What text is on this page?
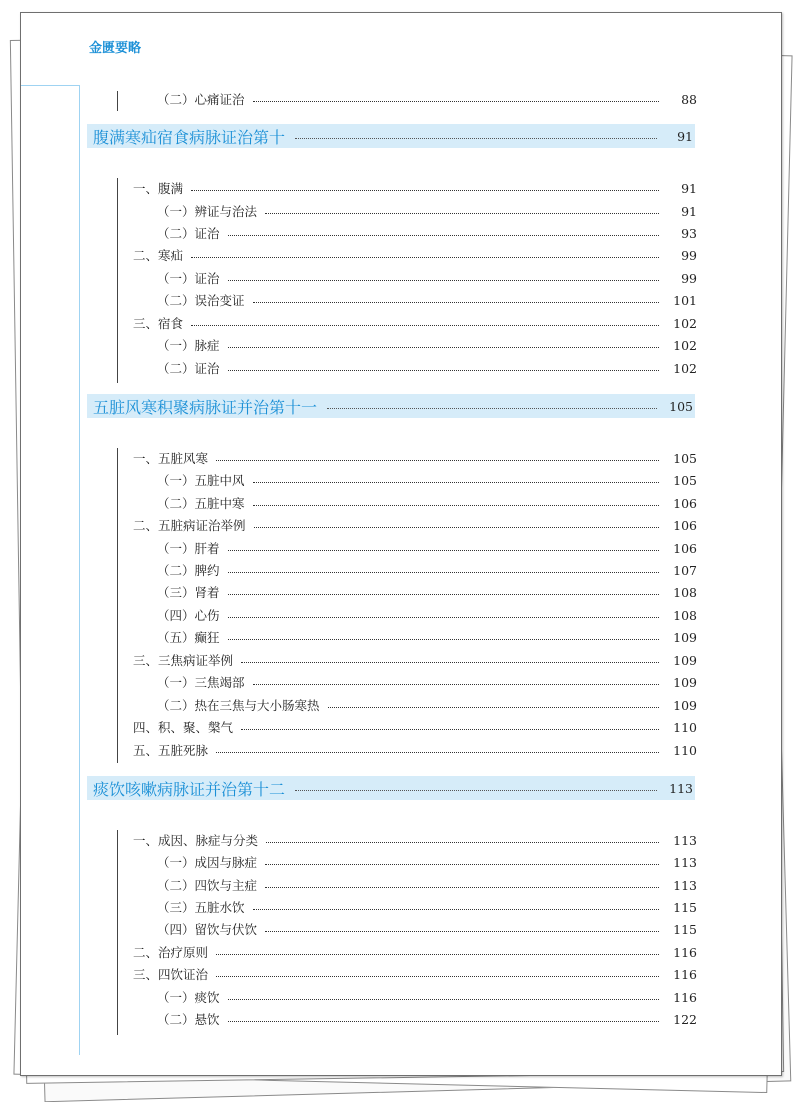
金匮要略
（二）心痛证治	88
腹满寒疝宿食病脉证治第十	91
一、腹满	91
（一）辨证与治法	91
（二）证治	93
二、寒疝	99
（一）证治	99
（二）误治变证	101
三、宿食	102
（一）脉症	102
（二）证治	102
五脏风寒积聚病脉证并治第十一	105
一、五脏风寒	105
（一）五脏中风	105
（二）五脏中寒	106
二、五脏病证治举例	106
（一）肝着	106
（二）脾约	107
（三）肾着	108
（四）心伤	108
（五）癫狂	109
三、三焦病证举例	109
（一）三焦竭部	109
（二）热在三焦与大小肠寒热	109
四、积、聚、槃气	110
五、五脏死脉	110
痰饮咳嗽病脉证并治第十二	113
一、成因、脉症与分类	113
（一）成因与脉症	113
（二）四饮与主症	113
（三）五脏水饮	115
（四）留饮与伏饮	115
二、治疗原则	116
三、四饮证治	116
（一）痰饮	116
（二）悬饮	122
